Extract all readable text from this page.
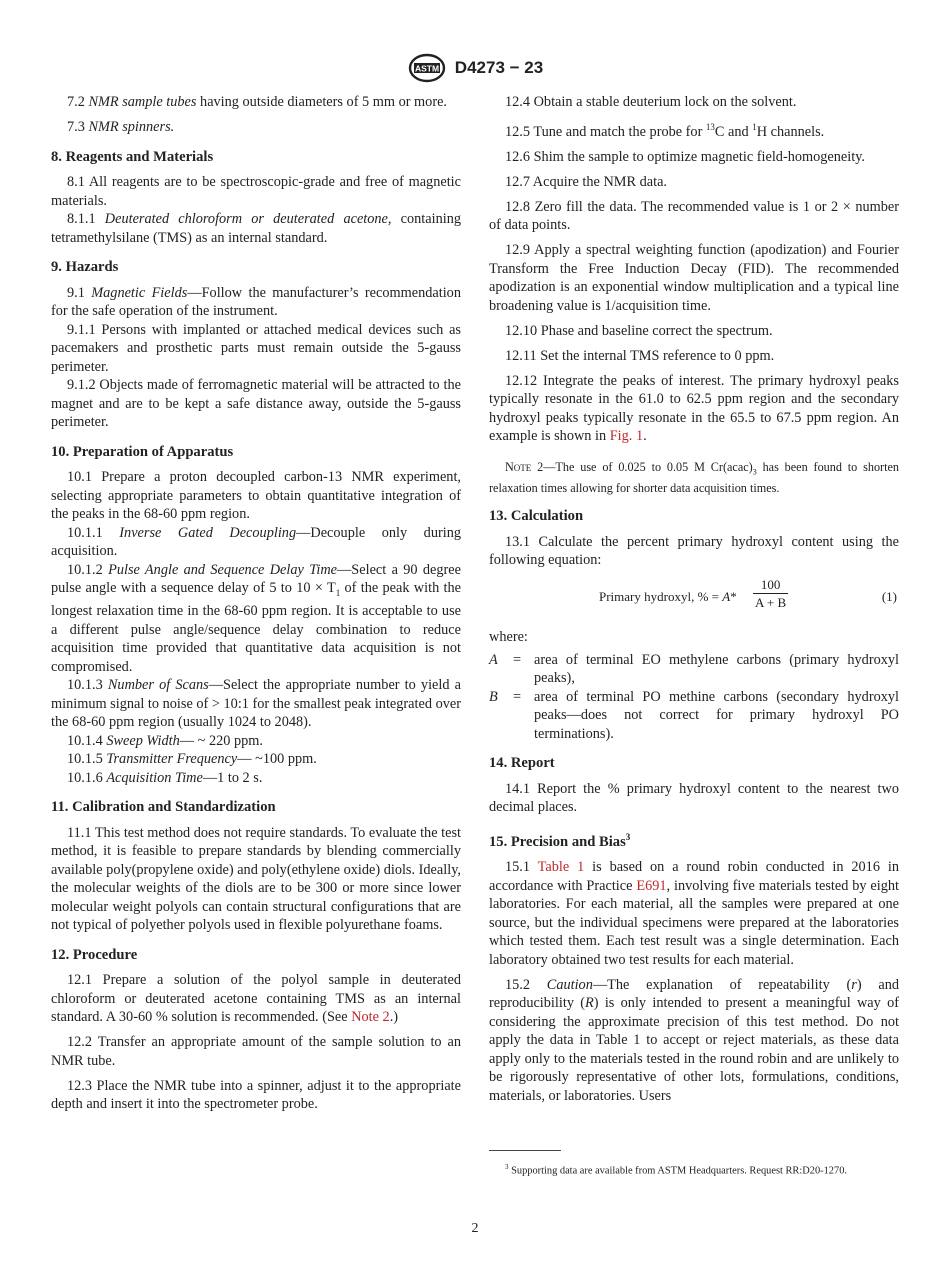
ASTM D4273 − 23

7.2 NMR sample tubes having outside diameters of 5 mm or more.

7.3 NMR spinners.

8. Reagents and Materials

8.1 All reagents are to be spectroscopic-grade and free of magnetic materials.

8.1.1 Deuterated chloroform or deuterated acetone, containing tetramethylsilane (TMS) as an internal standard.

9. Hazards

9.1 Magnetic Fields—Follow the manufacturer’s recommendation for the safe operation of the instrument.

9.1.1 Persons with implanted or attached medical devices such as pacemakers and prosthetic parts must remain outside the 5-gauss perimeter.

9.1.2 Objects made of ferromagnetic material will be attracted to the magnet and are to be kept a safe distance away, outside the 5-gauss perimeter.

10. Preparation of Apparatus

10.1 Prepare a proton decoupled carbon-13 NMR experiment, selecting appropriate parameters to obtain quantitative integration of the peaks in the 68-60 ppm region.

10.1.1 Inverse Gated Decoupling—Decouple only during acquisition.

10.1.2 Pulse Angle and Sequence Delay Time—Select a 90 degree pulse angle with a sequence delay of 5 to $10 \times T_1$ of the peak with the longest relaxation time in the 68-60 ppm region. It is acceptable to use a different pulse angle/sequence delay combination to reduce acquisition time provided that quantitative data acquisition is not compromised.

10.1.3 Number of Scans—Select the appropriate number to yield a minimum signal to noise of > 10:1 for the smallest peak integrated over the 68-60 ppm region (usually 1024 to 2048).

10.1.4 Sweep Width— ~ 220 ppm.

10.1.5 Transmitter Frequency— ~100 ppm.

10.1.6 Acquisition Time—1 to 2 s.

11. Calibration and Standardization

11.1 This test method does not require standards. To evaluate the test method, it is feasible to prepare standards by blending commercially available poly(propylene oxide) and poly(ethylene oxide) diols. Ideally, the molecular weights of the diols are to be 300 or more since lower molecular weight polyols can contain structural configurations that are not typical of polyether polyols used in flexible polyurethane foams.

12. Procedure

12.1 Prepare a solution of the polyol sample in deuterated chloroform or deuterated acetone containing TMS as an internal standard. A 30-60 % solution is recommended. (See Note 2.)

12.2 Transfer an appropriate amount of the sample solution to an NMR tube.

12.3 Place the NMR tube into a spinner, adjust it to the appropriate depth and insert it into the spectrometer probe.

12.4 Obtain a stable deuterium lock on the solvent.

12.5 Tune and match the probe for $^{13}$C and $^1$H channels.

12.6 Shim the sample to optimize magnetic field-homogeneity.

12.7 Acquire the NMR data.

12.8 Zero fill the data. The recommended value is 1 or 2 × number of data points.

12.9 Apply a spectral weighting function (apodization) and Fourier Transform the Free Induction Decay (FID). The recommended apodization is an exponential window multiplication and a typical line broadening value is 1/acquisition time.

12.10 Phase and baseline correct the spectrum.

12.11 Set the internal TMS reference to 0 ppm.

12.12 Integrate the peaks of interest. The primary hydroxyl peaks typically resonate in the 61.0 to 62.5 ppm region and the secondary hydroxyl peaks typically resonate in the 65.5 to 67.5 ppm region. An example is shown in Fig. 1.

Note 2—The use of 0.025 to 0.05 M $Cr(acac)_3$ has been found to shorten relaxation times allowing for shorter data acquisition times.
13. Calculation

13.1 Calculate the percent primary hydroxyl content using the following equation:

Primary hydroxyl, % = $A* \frac{100}{A + B}$	(1)

where:

A	= area of terminal EO methylene carbons (primary hydroxyl peaks),
B	= area of terminal PO methine carbons (secondary hydroxyl peaks—does not correct for primary hydroxyl PO terminations).
14. Report

14.1 Report the % primary hydroxyl content to the nearest two decimal places.

15. Precision and Bias$^3$

15.1 Table 1 is based on a round robin conducted in 2016 in accordance with Practice E691, involving five materials tested by eight laboratories. For each material, all the samples were prepared at one source, but the individual specimens were prepared at the laboratories which tested them. Each test result was a single determination. Each laboratory obtained two test results for each material.

15.2 Caution—The explanation of repeatability (r) and reproducibility (R) is only intended to present a meaningful way of considering the approximate precision of this test method. Do not apply the data in Table 1 to accept or reject materials, as these data apply only to the materials tested in the round robin and are unlikely to be rigorously representative of other lots, formulations, conditions, materials, or laboratories. Users

$^3$ Supporting data are available from ASTM Headquarters. Request RR:D20-1270.
2
